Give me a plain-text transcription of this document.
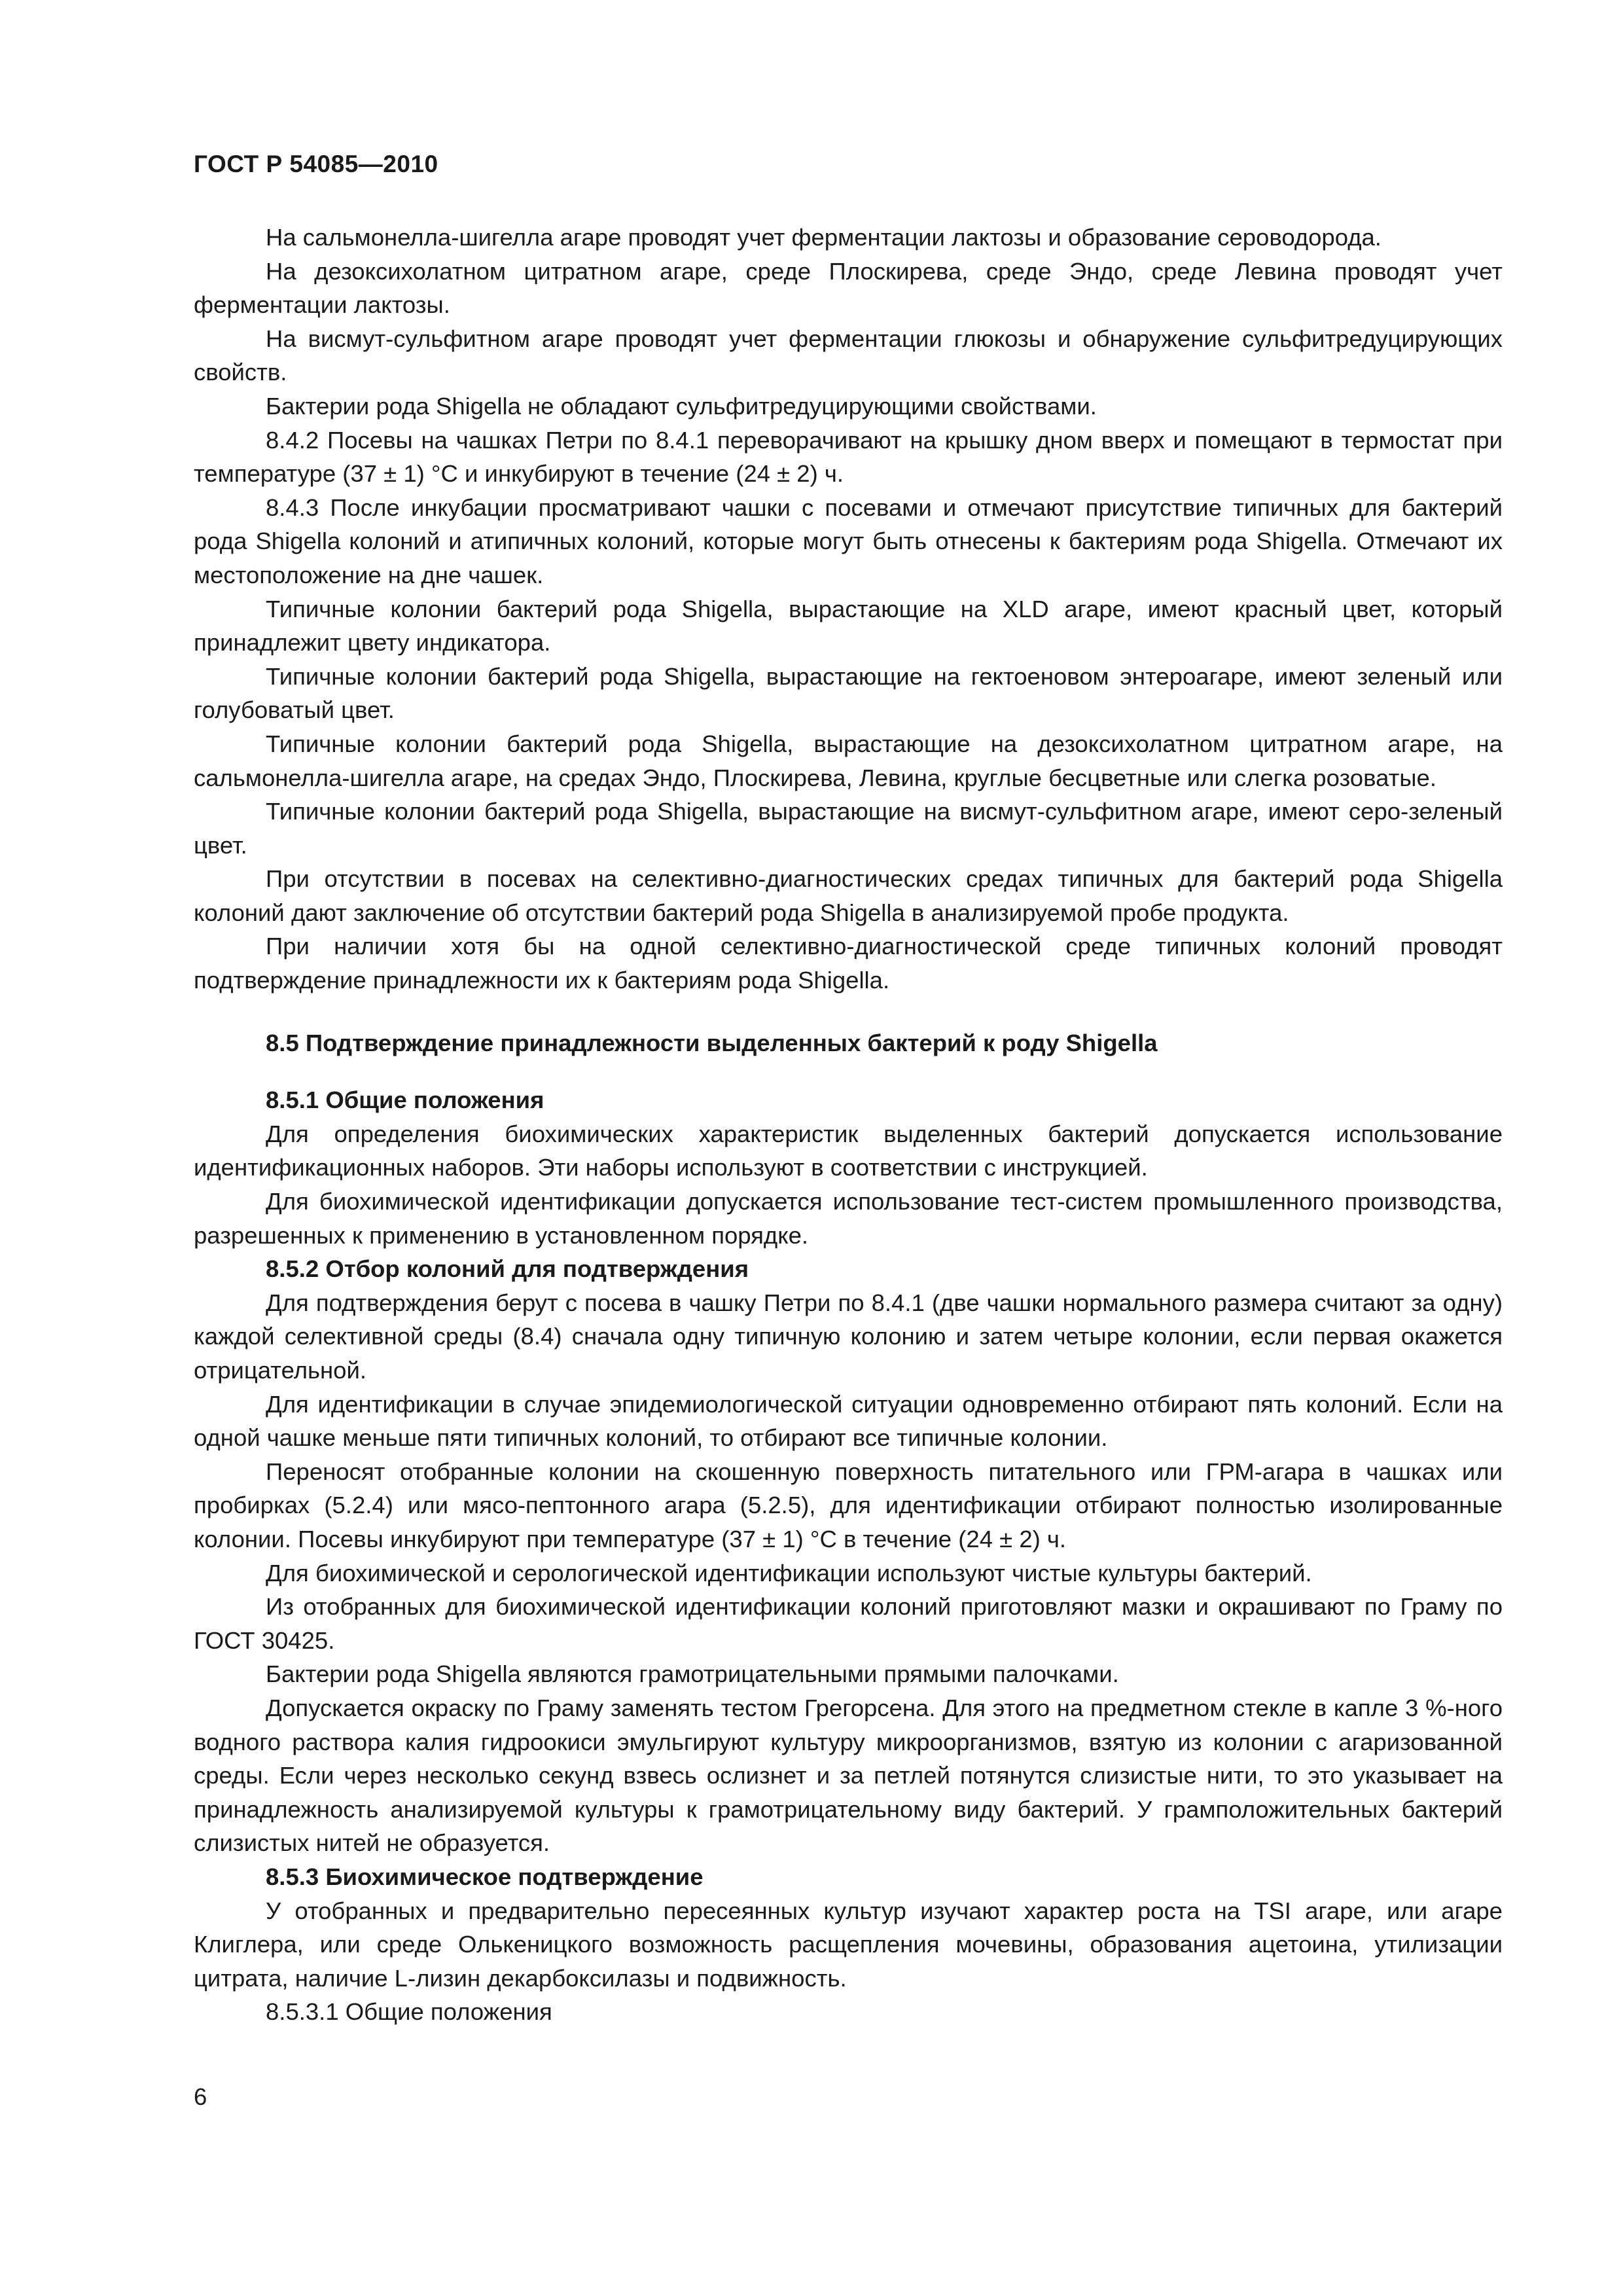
ГОСТ Р 54085—2010

На сальмонелла-шигелла агаре проводят учет ферментации лактозы и образование сероводорода.

На дезоксихолатном цитратном агаре, среде Плоскирева, среде Эндо, среде Левина проводят учет ферментации лактозы.

На висмут-сульфитном агаре проводят учет ферментации глюкозы и обнаружение сульфитредуцирующих свойств.

Бактерии рода Shigella не обладают сульфитредуцирующими свойствами.

8.4.2 Посевы на чашках Петри по 8.4.1 переворачивают на крышку дном вверх и помещают в термостат при температуре (37 ± 1) °С и инкубируют в течение (24 ± 2) ч.

8.4.3 После инкубации просматривают чашки с посевами и отмечают присутствие типичных для бактерий рода Shigella колоний и атипичных колоний, которые могут быть отнесены к бактериям рода Shigella. Отмечают их местоположение на дне чашек.

Типичные колонии бактерий рода Shigella, вырастающие на XLD агаре, имеют красный цвет, который принадлежит цвету индикатора.

Типичные колонии бактерий рода Shigella, вырастающие на гектоеновом энтероагаре, имеют зеленый или голубоватый цвет.

Типичные колонии бактерий рода Shigella, вырастающие на дезоксихолатном цитратном агаре, на сальмонелла-шигелла агаре, на средах Эндо, Плоскирева, Левина, круглые бесцветные или слегка розоватые.

Типичные колонии бактерий рода Shigella, вырастающие на висмут-сульфитном агаре, имеют серо-зеленый цвет.

При отсутствии в посевах на селективно-диагностических средах типичных для бактерий рода Shigella колоний дают заключение об отсутствии бактерий рода Shigella в анализируемой пробе продукта.

При наличии хотя бы на одной селективно-диагностической среде типичных колоний проводят подтверждение принадлежности их к бактериям рода Shigella.

8.5 Подтверждение принадлежности выделенных бактерий к роду Shigella
8.5.1 Общие положения

Для определения биохимических характеристик выделенных бактерий допускается использование идентификационных наборов. Эти наборы используют в соответствии с инструкцией.

Для биохимической идентификации допускается использование тест-систем промышленного производства, разрешенных к применению в установленном порядке.

8.5.2 Отбор колоний для подтверждения

Для подтверждения берут с посева в чашку Петри по 8.4.1 (две чашки нормального размера считают за одну) каждой селективной среды (8.4) сначала одну типичную колонию и затем четыре колонии, если первая окажется отрицательной.

Для идентификации в случае эпидемиологической ситуации одновременно отбирают пять колоний. Если на одной чашке меньше пяти типичных колоний, то отбирают все типичные колонии.

Переносят отобранные колонии на скошенную поверхность питательного или ГРМ-агара в чашках или пробирках (5.2.4) или мясо-пептонного агара (5.2.5), для идентификации отбирают полностью изолированные колонии. Посевы инкубируют при температуре (37 ± 1) °С в течение (24 ± 2) ч.

Для биохимической и серологической идентификации используют чистые культуры бактерий.

Из отобранных для биохимической идентификации колоний приготовляют мазки и окрашивают по Граму по ГОСТ 30425.

Бактерии рода Shigella являются грамотрицательными прямыми палочками.

Допускается окраску по Граму заменять тестом Грегорсена. Для этого на предметном стекле в капле 3 %-ного водного раствора калия гидроокиси эмульгируют культуру микроорганизмов, взятую из колонии с агаризованной среды. Если через несколько секунд взвесь ослизнет и за петлей потянутся слизистые нити, то это указывает на принадлежность анализируемой культуры к грамотрицательному виду бактерий. У грамположительных бактерий слизистых нитей не образуется.

8.5.3 Биохимическое подтверждение

У отобранных и предварительно пересеянных культур изучают характер роста на TSI агаре, или агаре Клиглера, или среде Олькеницкого возможность расщепления мочевины, образования ацетоина, утилизации цитрата, наличие L-лизин декарбоксилазы и подвижность.

8.5.3.1 Общие положения

6
